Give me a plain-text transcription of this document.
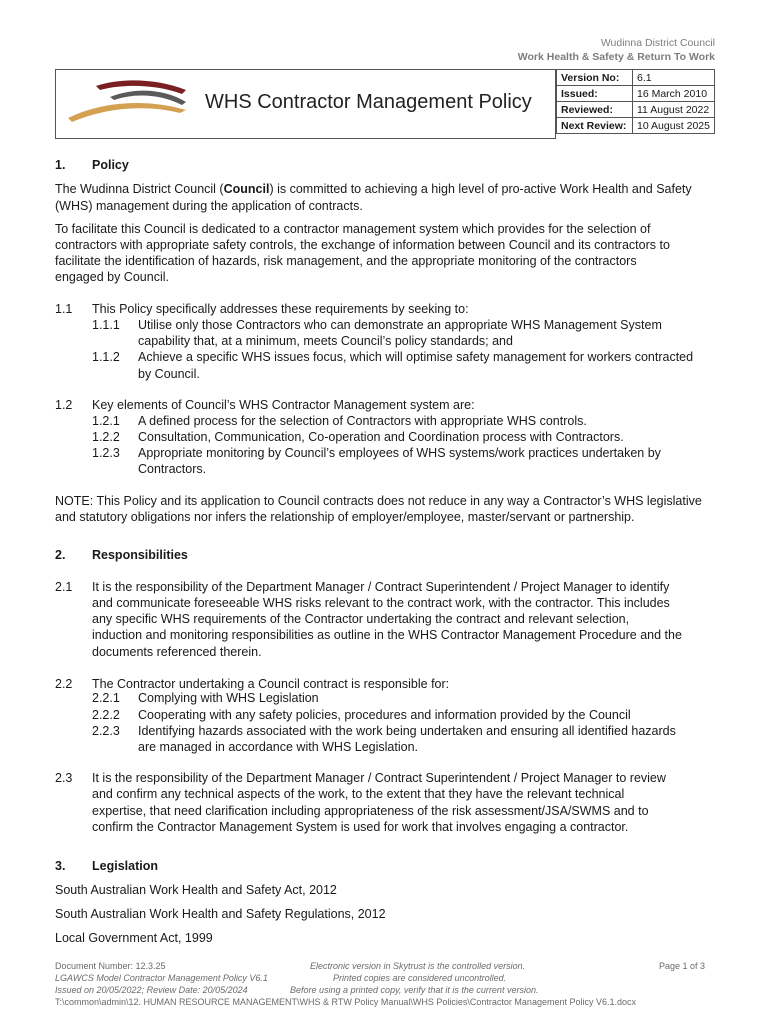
Wudinna District Council
Work Health & Safety & Return To Work
WHS Contractor Management Policy
Version No:	6.1
Issued:	16 March 2010
Reviewed:	11 August 2022
Next Review:	10 August 2025
1. Policy
The Wudinna District Council (Council) is committed to achieving a high level of pro-active Work Health and Safety
(WHS) management during the application of contracts.
To facilitate this Council is dedicated to a contractor management system which provides for the selection of
contractors with appropriate safety controls, the exchange of information between Council and its contractors to
facilitate the identification of hazards, risk management, and the appropriate monitoring of the contractors
engaged by Council.
1.1 This Policy specifically addresses these requirements by seeking to:
1.1.1 Utilise only those Contractors who can demonstrate an appropriate WHS Management System
capability that, at a minimum, meets Council’s policy standards; and
1.1.2 Achieve a specific WHS issues focus, which will optimise safety management for workers contracted
by Council.
1.2 Key elements of Council’s WHS Contractor Management system are:
1.2.1 A defined process for the selection of Contractors with appropriate WHS controls.
1.2.2 Consultation, Communication, Co-operation and Coordination process with Contractors.
1.2.3 Appropriate monitoring by Council’s employees of WHS systems/work practices undertaken by
Contractors.
NOTE: This Policy and its application to Council contracts does not reduce in any way a Contractor’s WHS legislative
and statutory obligations nor infers the relationship of employer/employee, master/servant or partnership.
2. Responsibilities
2.1 It is the responsibility of the Department Manager / Contract Superintendent / Project Manager to identify
and communicate foreseeable WHS risks relevant to the contract work, with the contractor. This includes
any specific WHS requirements of the Contractor undertaking the contract and relevant selection,
induction and monitoring responsibilities as outline in the WHS Contractor Management Procedure and the
documents referenced therein.
2.2 The Contractor undertaking a Council contract is responsible for:
2.2.1 Complying with WHS Legislation
2.2.2 Cooperating with any safety policies, procedures and information provided by the Council
2.2.3 Identifying hazards associated with the work being undertaken and ensuring all identified hazards
are managed in accordance with WHS Legislation.
2.3 It is the responsibility of the Department Manager / Contract Superintendent / Project Manager to review
and confirm any technical aspects of the work, to the extent that they have the relevant technical
expertise, that need clarification including appropriateness of the risk assessment/JSA/SWMS and to
confirm the Contractor Management System is used for work that involves engaging a contractor.
3. Legislation
South Australian Work Health and Safety Act, 2012
South Australian Work Health and Safety Regulations, 2012
Local Government Act, 1999
Document Number: 12.3.25
LGAWCS Model Contractor Management Policy V6.1
Issued on 20/05/2022; Review Date: 20/05/2024
T:\common\admin\12. HUMAN RESOURCE MANAGEMENT\WHS & RTW Policy Manual\WHS Policies\Contractor Management Policy V6.1.docx
Electronic version in Skytrust is the controlled version.
Printed copies are considered uncontrolled.
Before using a printed copy, verify that it is the current version.
Page 1 of 3
